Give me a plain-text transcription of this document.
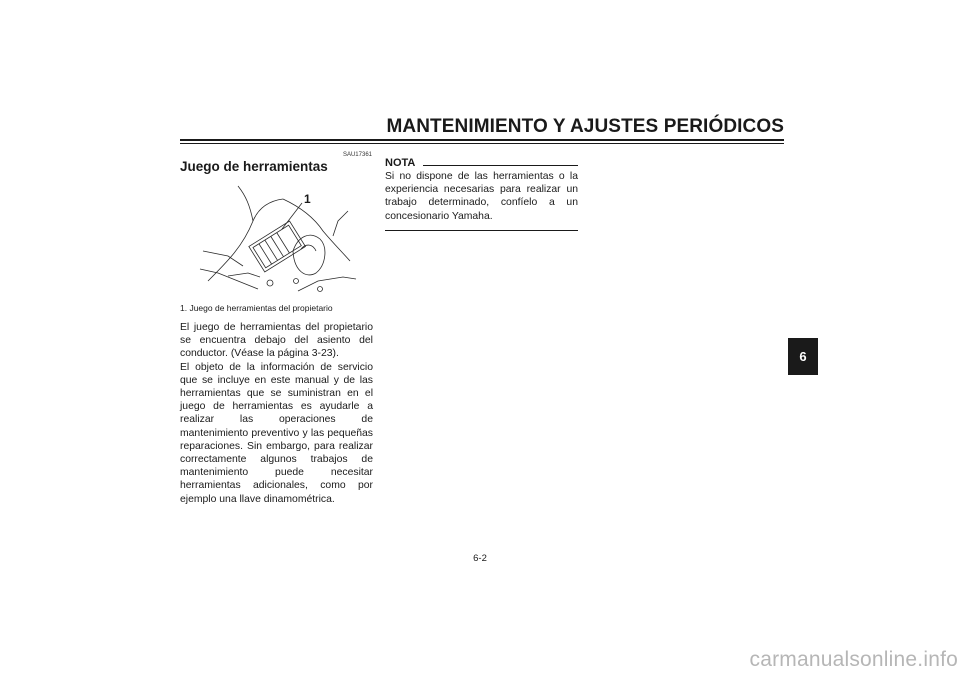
MANTENIMIENTO Y AJUSTES PERIÓDICOS
SAU17361
Juego de herramientas
1
1. Juego de herramientas del propietario

El juego de herramientas del propietario se encuentra debajo del asiento del conductor. (Véase la página 3-23).

El objeto de la información de servicio que se incluye en este manual y de las herramientas que se suministran en el juego de herramientas es ayudarle a realizar las operaciones de mantenimiento preventivo y las pequeñas reparaciones. Sin embargo, para realizar correctamente algunos trabajos de mantenimiento puede necesitar herramientas adicionales, como por ejemplo una llave dinamométrica.

NOTA
Si no dispone de las herramientas o la experiencia necesarias para realizar un trabajo determinado, confíelo a un concesionario Yamaha.
6-2
6
carmanualsonline.info
